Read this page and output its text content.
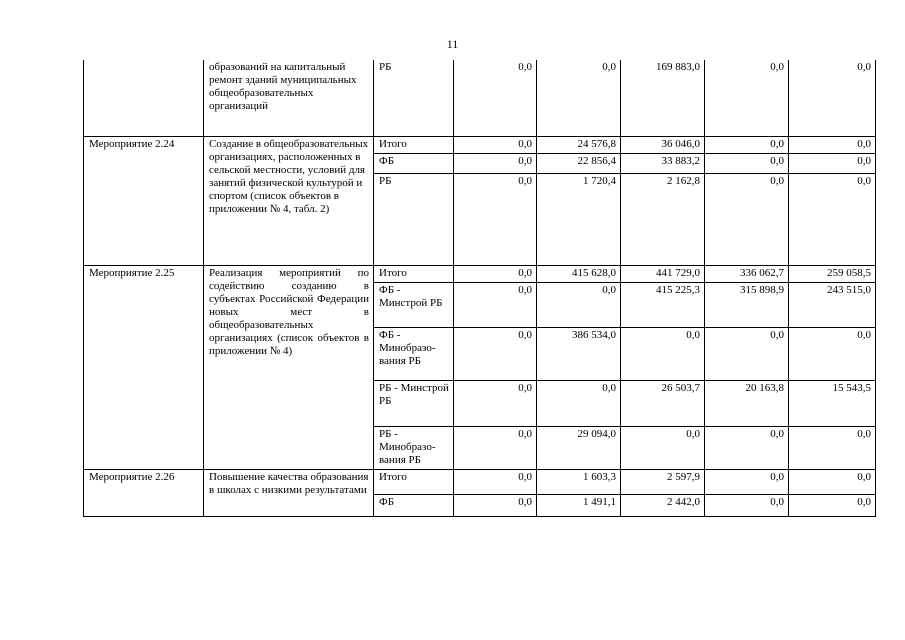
11
	образований на капитальный ремонт зданий муниципальных общеобразовательных организаций	РБ	0,0	0,0	169 883,0	0,0	0,0
Мероприятие 2.24	Создание в общеобразовательных организациях, расположенных в сельской местности, условий для занятий физической культурой и спортом (список объектов в приложении № 4, табл. 2)	Итого	0,0	24 576,8	36 046,0	0,0	0,0
		ФБ	0,0	22 856,4	33 883,2	0,0	0,0
		РБ	0,0	1 720,4	2 162,8	0,0	0,0
Мероприятие 2.25	Реализация мероприятий по содействию созданию в субъектах Российской Федерации новых мест в общеобразовательных организациях (список объектов в приложении № 4)	Итого	0,0	415 628,0	441 729,0	336 062,7	259 058,5
		ФБ - Минстрой РБ	0,0	0,0	415 225,3	315 898,9	243 515,0
		ФБ - Минобразо-вания РБ	0,0	386 534,0	0,0	0,0	0,0
		РБ - Минстрой РБ	0,0	0,0	26 503,7	20 163,8	15 543,5
		РБ - Минобразо-вания РБ	0,0	29 094,0	0,0	0,0	0,0
Мероприятие 2.26	Повышение качества образования в школах с низкими результатами	Итого	0,0	1 603,3	2 597,9	0,0	0,0
		ФБ	0,0	1 491,1	2 442,0	0,0	0,0
